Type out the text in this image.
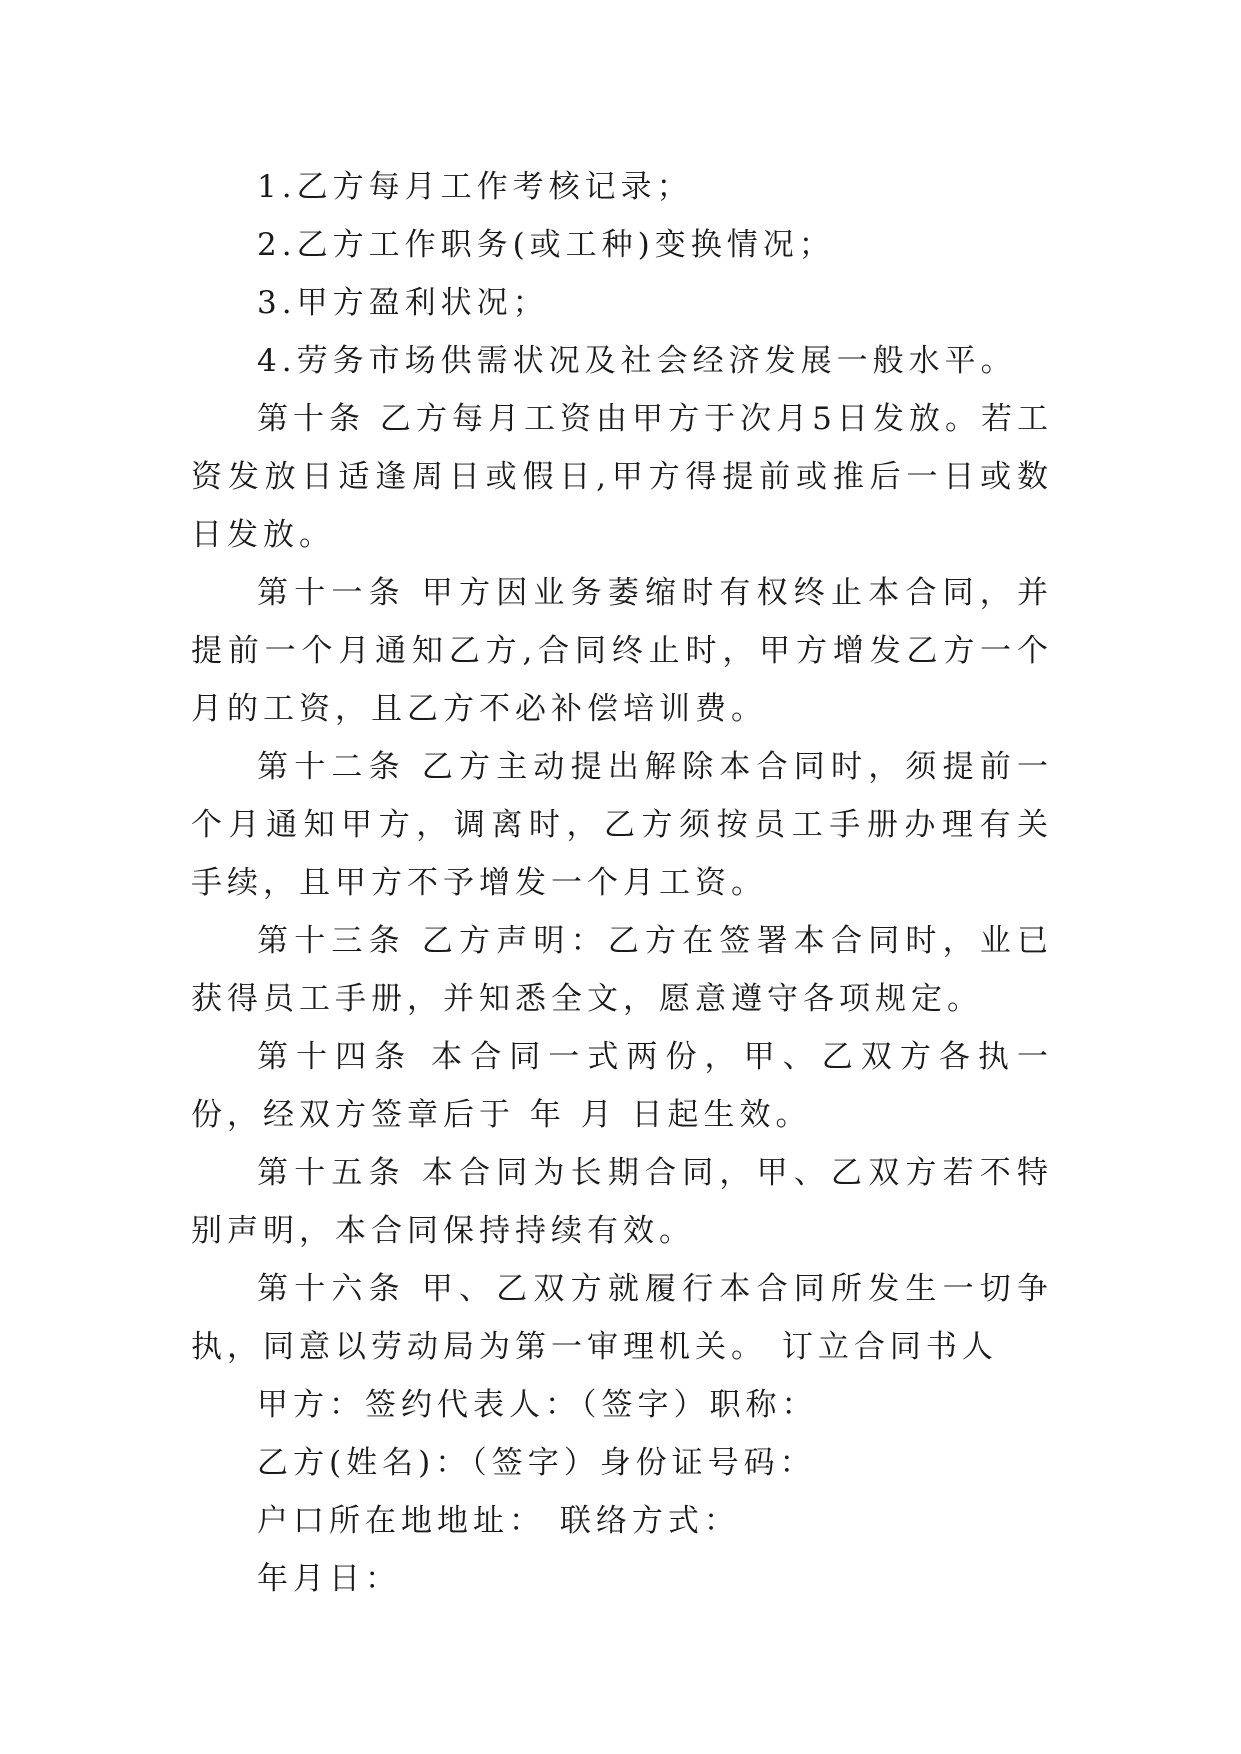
1.乙方每月工作考核记录；

2.乙方工作职务(或工种)变换情况；

3.甲方盈利状况；

4.劳务市场供需状况及社会经济发展一般水平。

第十条 乙方每月工资由甲方于次月5日发放。若工资发放日适逢周日或假日,甲方得提前或推后一日或数日发放。

第十一条 甲方因业务萎缩时有权终止本合同，并提前一个月通知乙方,合同终止时，甲方增发乙方一个月的工资，且乙方不必补偿培训费。

第十二条 乙方主动提出解除本合同时，须提前一个月通知甲方，调离时，乙方须按员工手册办理有关手续，且甲方不予增发一个月工资。

第十三条 乙方声明：乙方在签署本合同时，业已获得员工手册，并知悉全文，愿意遵守各项规定。

第十四条 本合同一式两份，甲、乙双方各执一份，经双方签章后于 年 月 日起生效。

第十五条 本合同为长期合同，甲、乙双方若不特别声明，本合同保持持续有效。

第十六条 甲、乙双方就履行本合同所发生一切争执，同意以劳动局为第一审理机关。 订立合同书人

甲方：签约代表人：（签字）职称：

乙方(姓名)：（签字）身份证号码：

户口所在地地址： 联络方式：

年月日：
